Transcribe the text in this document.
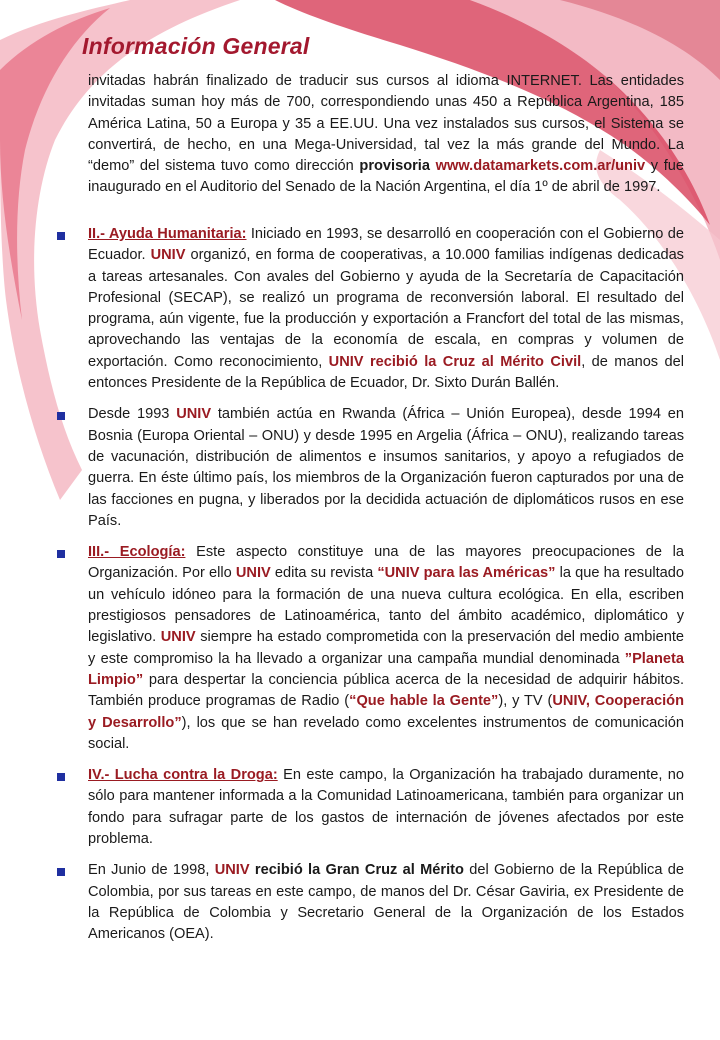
Información General

invitadas habrán finalizado de traducir sus cursos al idioma INTERNET. Las entidades invitadas suman hoy más de 700, correspondiendo unas 450 a República Argentina, 185 América Latina, 50 a Europa y 35 a EE.UU. Una vez instalados sus cursos, el Sistema se convertirá, de hecho, en una Mega-Universidad, tal vez la más grande del Mundo. La “demo” del sistema tuvo como dirección provisoria www.datamarkets.com.ar/univ y fue inaugurado en el Auditorio del Senado de la Nación Argentina, el día 1º de abril de 1997.

II.- Ayuda Humanitaria: Iniciado en 1993, se desarrolló en cooperación con el Gobierno de Ecuador. UNIV organizó, en forma de cooperativas, a 10.000 familias indígenas dedicadas a tareas artesanales. Con avales del Gobierno y ayuda de la Secretaría de Capacitación Profesional (SECAP), se realizó un programa de reconversión laboral. El resultado del programa, aún vigente, fue la producción y exportación a Francfort del total de las mismas, aprovechando las ventajas de la economía de escala, en compras y volumen de exportación. Como reconocimiento, UNIV recibió la Cruz al Mérito Civil, de manos del entonces Presidente de la República de Ecuador, Dr. Sixto Durán Ballén.
Desde 1993 UNIV también actúa en Rwanda (África – Unión Europea), desde 1994 en Bosnia (Europa Oriental – ONU) y desde 1995 en Argelia (África – ONU), realizando tareas de vacunación, distribución de alimentos e insumos sanitarios, y apoyo a refugiados de guerra. En éste último país, los miembros de la Organización fueron capturados por una de las facciones en pugna, y liberados por la decidida actuación de diplomáticos rusos en ese País.
III.- Ecología: Este aspecto constituye una de las mayores preocupaciones de la Organización. Por ello UNIV edita su revista “UNIV para las Américas” la que ha resultado un vehículo idóneo para la formación de una nueva cultura ecológica. En ella, escriben prestigiosos pensadores de Latinoamérica, tanto del ámbito académico, diplomático y legislativo. UNIV siempre ha estado comprometida con la preservación del medio ambiente y este compromiso la ha llevado a organizar una campaña mundial denominada ”Planeta Limpio” para despertar la conciencia pública acerca de la necesidad de adquirir hábitos. También produce programas de Radio (“Que hable la Gente”), y TV (UNIV, Cooperación y Desarrollo”), los que se han revelado como excelentes instrumentos de comunicación social.
IV.- Lucha contra la Droga: En este campo, la Organización ha trabajado duramente, no sólo para mantener informada a la Comunidad Latinoamericana, también para organizar un fondo para sufragar parte de los gastos de internación de jóvenes afectados por este problema.
En Junio de 1998, UNIV recibió la Gran Cruz al Mérito del Gobierno de la República de Colombia, por sus tareas en este campo, de manos del Dr. César Gaviria, ex Presidente de la República de Colombia y Secretario General de la Organización de los Estados Americanos (OEA).
